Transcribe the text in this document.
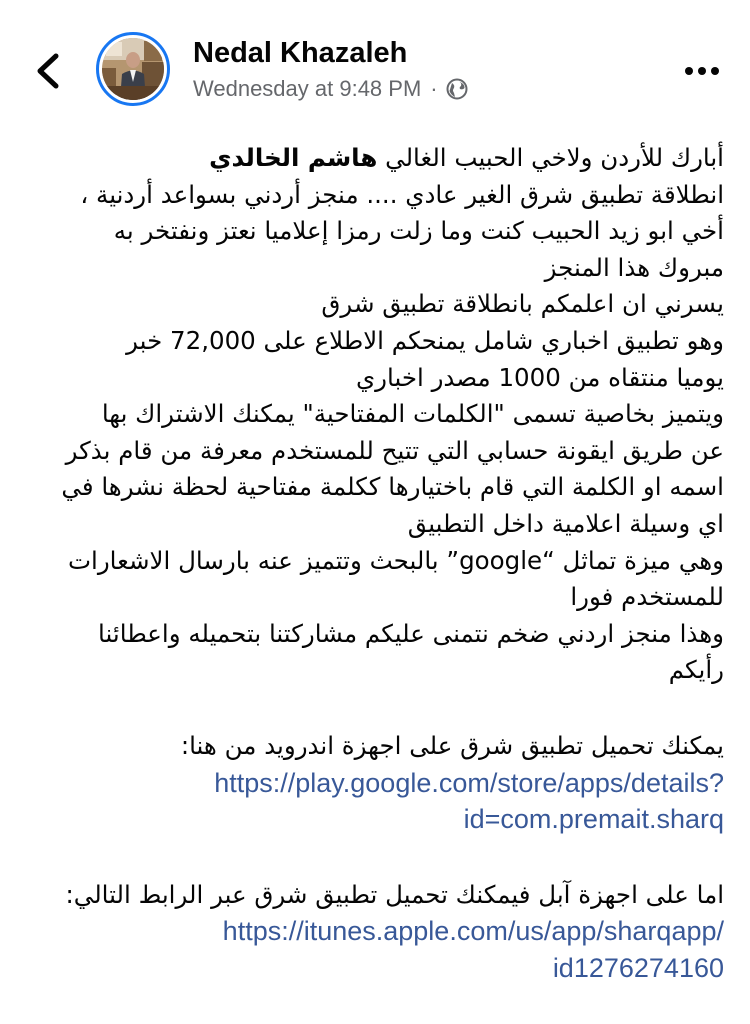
Nedal Khazaleh
Wednesday at 9:48 PM ·
أبارك للأردن ولاخي الحبيب الغالي هاشم الخالدي
انطلاقة تطبيق شرق الغير عادي .... منجز أردني بسواعد أردنية ،
أخي ابو زيد الحبيب كنت وما زلت رمزا إعلاميا نعتز ونفتخر به
مبروك هذا المنجز
يسرني ان اعلمكم بانطلاقة تطبيق شرق
وهو تطبيق اخباري شامل يمنحكم الاطلاع على 72,000 خبر
يوميا منتقاه من 1000 مصدر اخباري
ويتميز بخاصية تسمى "الكلمات المفتاحية" يمكنك الاشتراك بها
عن طريق ايقونة حسابي التي تتيح للمستخدم معرفة من قام بذكر
اسمه او الكلمة التي قام باختيارها ككلمة مفتاحية لحظة نشرها في
اي وسيلة اعلامية داخل التطبيق
وهي ميزة تماثل “google” بالبحث وتتميز عنه بارسال الاشعارات
للمستخدم فورا
وهذا منجز اردني ضخم نتمنى عليكم مشاركتنا بتحميله واعطائنا
رأيكم
يمكنك تحميل تطبيق شرق على اجهزة اندرويد من هنا:
https://play.google.com/store/apps/details?
id=com.premait.sharq
اما على اجهزة آبل فيمكنك تحميل تطبيق شرق عبر الرابط التالي:
https://itunes.apple.com/us/app/sharqapp/
id1276274160
